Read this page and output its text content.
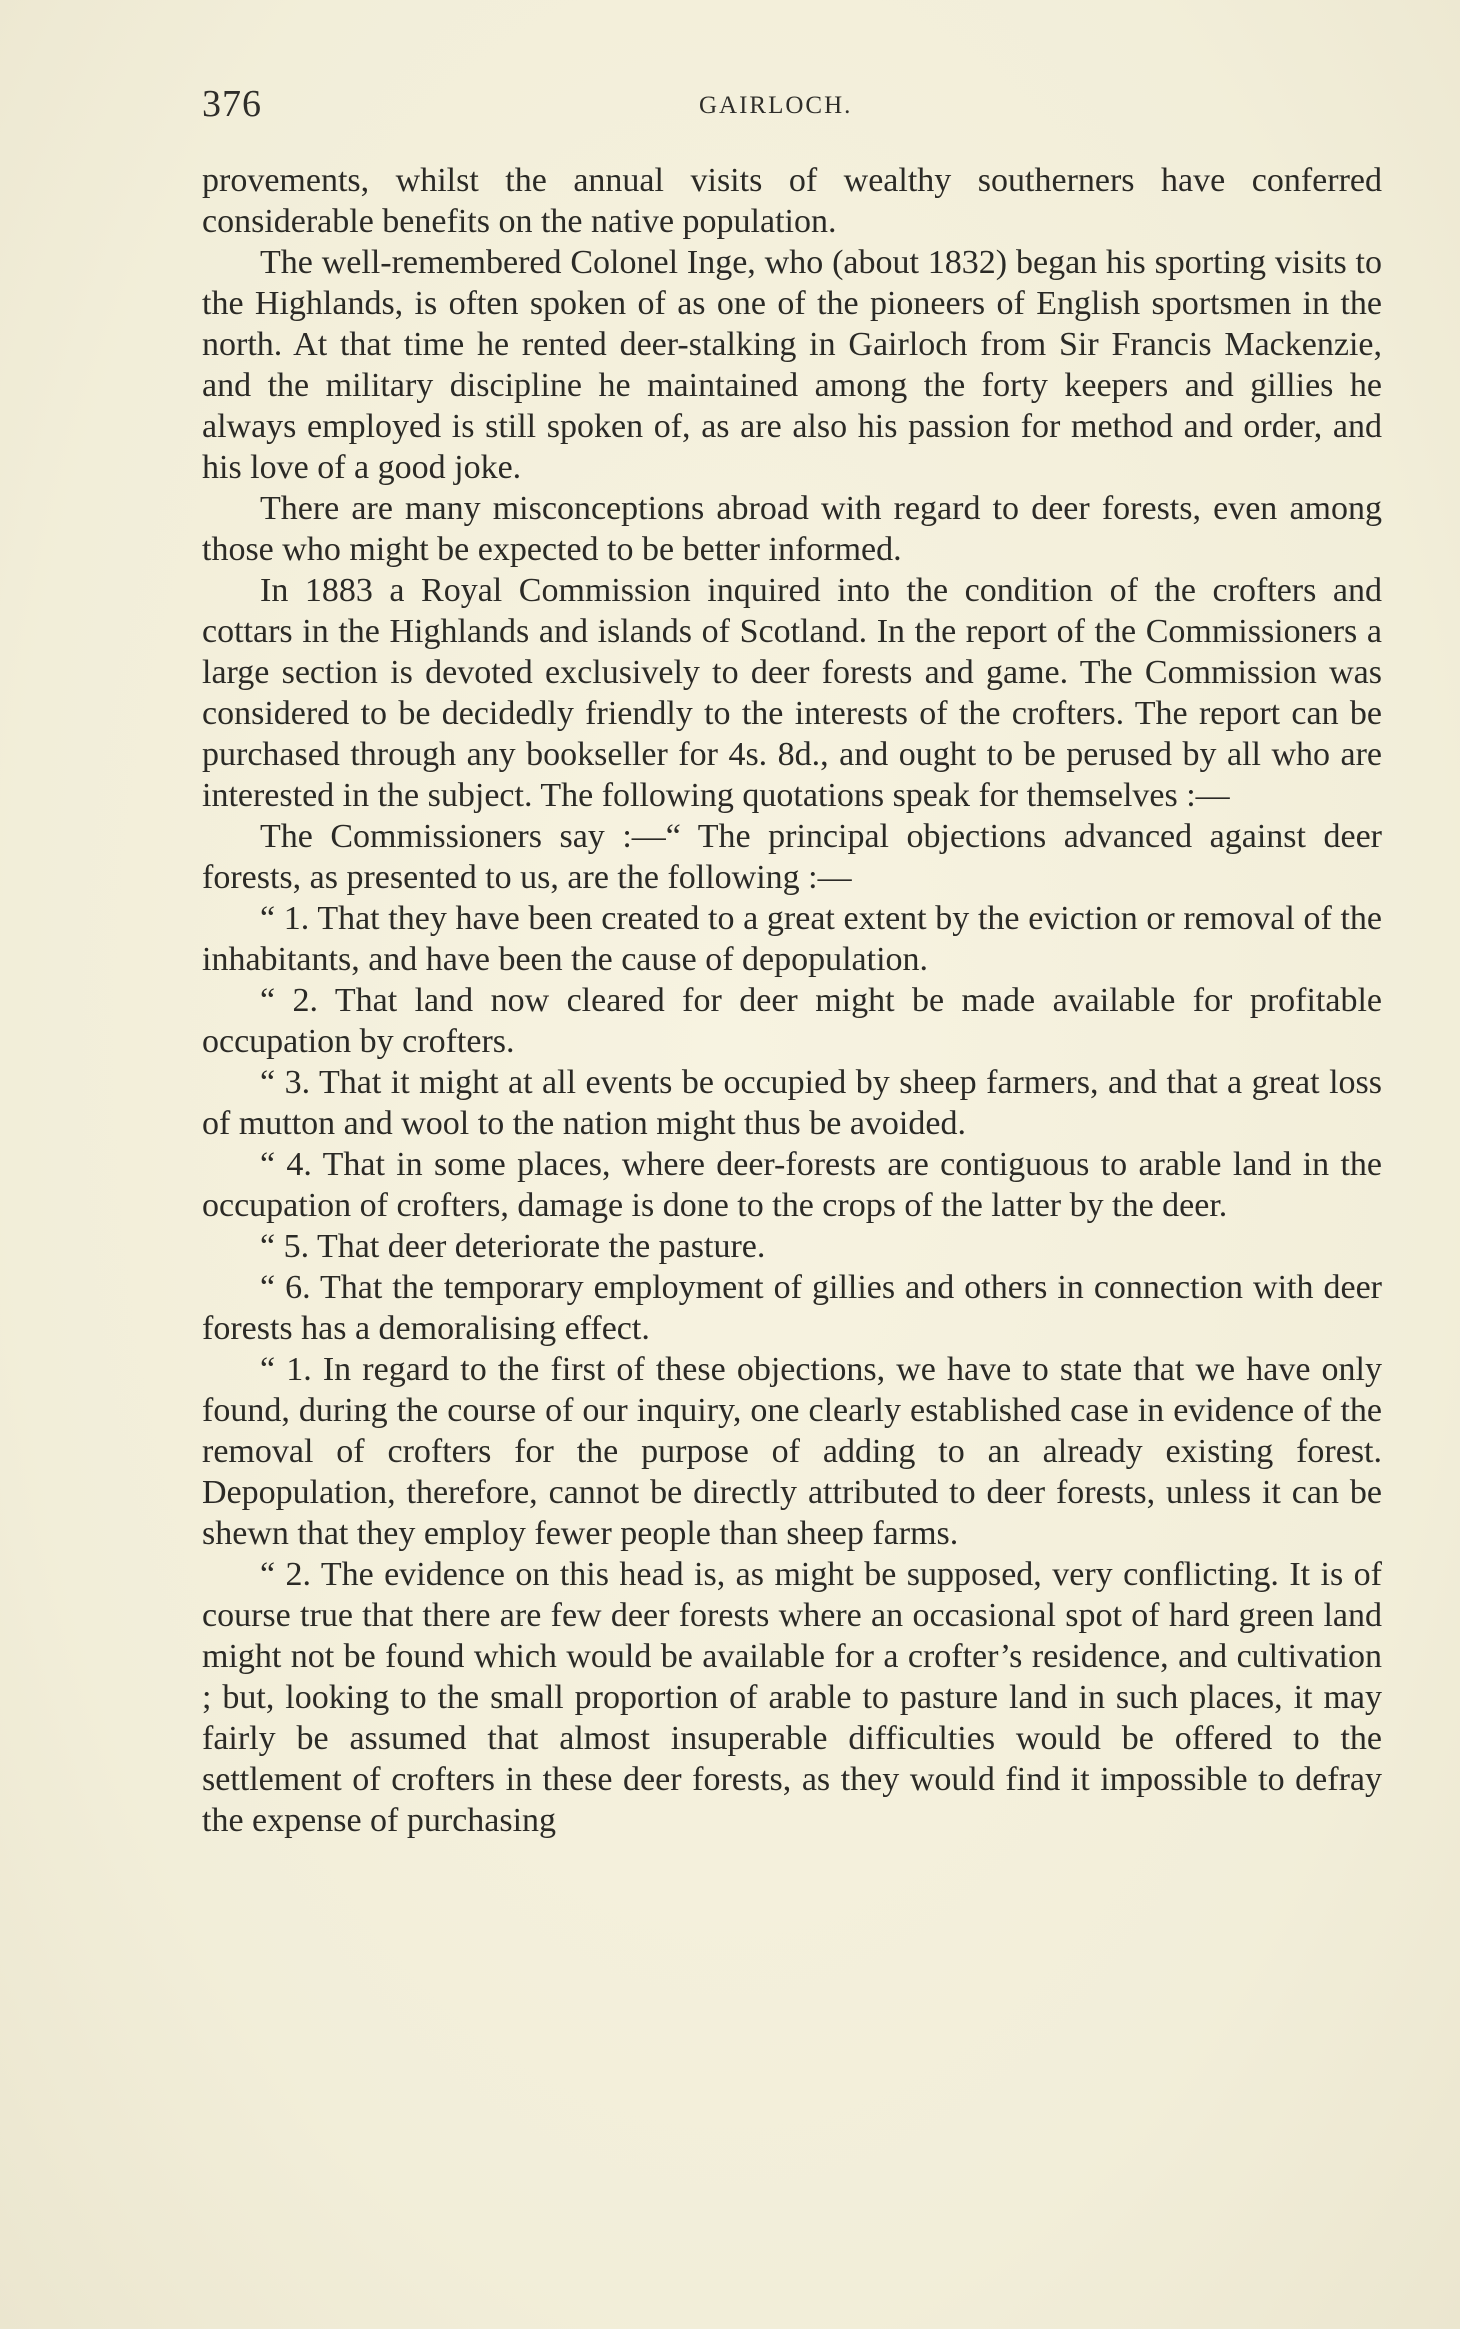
376	GAIRLOCH.

provements, whilst the annual visits of wealthy southerners have conferred considerable benefits on the native population.

The well-remembered Colonel Inge, who (about 1832) began his sporting visits to the Highlands, is often spoken of as one of the pioneers of English sportsmen in the north. At that time he rented deer-stalking in Gairloch from Sir Francis Mackenzie, and the military discipline he maintained among the forty keepers and gillies he always employed is still spoken of, as are also his passion for method and order, and his love of a good joke.

There are many misconceptions abroad with regard to deer forests, even among those who might be expected to be better informed.

In 1883 a Royal Commission inquired into the condition of the crofters and cottars in the Highlands and islands of Scotland. In the report of the Commissioners a large section is devoted exclusively to deer forests and game. The Commission was considered to be decidedly friendly to the interests of the crofters. The report can be purchased through any bookseller for 4s. 8d., and ought to be perused by all who are interested in the subject. The following quotations speak for themselves :—

The Commissioners say :—“ The principal objections advanced against deer forests, as presented to us, are the following :—

“ 1. That they have been created to a great extent by the eviction or removal of the inhabitants, and have been the cause of depopulation.

“ 2. That land now cleared for deer might be made available for profitable occupation by crofters.

“ 3. That it might at all events be occupied by sheep farmers, and that a great loss of mutton and wool to the nation might thus be avoided.

“ 4. That in some places, where deer-forests are contiguous to arable land in the occupation of crofters, damage is done to the crops of the latter by the deer.

“ 5. That deer deteriorate the pasture.

“ 6. That the temporary employment of gillies and others in connection with deer forests has a demoralising effect.

“ 1. In regard to the first of these objections, we have to state that we have only found, during the course of our inquiry, one clearly established case in evidence of the removal of crofters for the purpose of adding to an already existing forest. Depopulation, therefore, cannot be directly attributed to deer forests, unless it can be shewn that they employ fewer people than sheep farms.

“ 2. The evidence on this head is, as might be supposed, very conflicting. It is of course true that there are few deer forests where an occasional spot of hard green land might not be found which would be available for a crofter’s residence, and cultivation ; but, looking to the small proportion of arable to pasture land in such places, it may fairly be assumed that almost insuperable difficulties would be offered to the settlement of crofters in these deer forests, as they would find it impossible to defray the expense of purchasing
